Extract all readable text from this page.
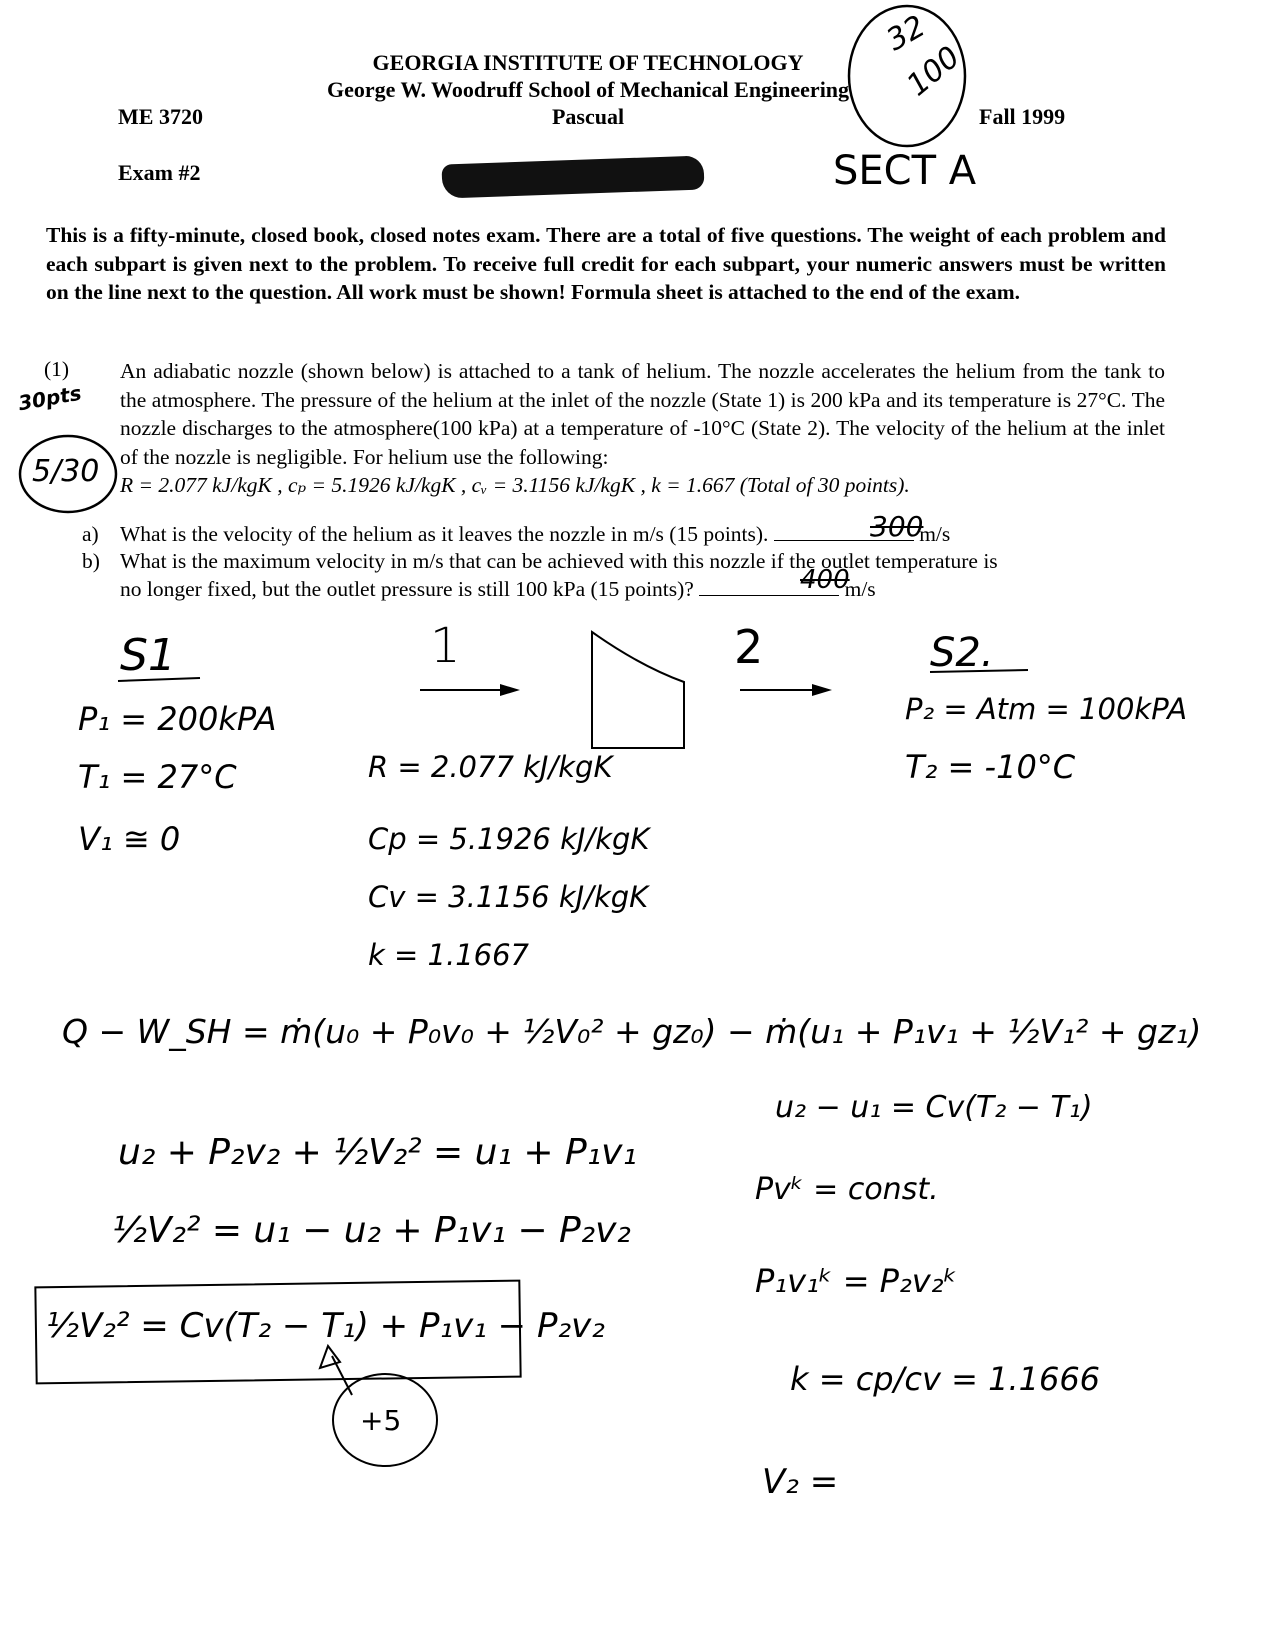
GEORGIA INSTITUTE OF TECHNOLOGY
George W. Woodruff School of Mechanical Engineering
Pascual
ME 3720	Fall 1999
Exam #2
32
100
SECT A
30pts
5/30
This is a fifty-minute, closed book, closed notes exam. There are a total of five questions. The weight of each problem and each subpart is given next to the problem. To receive full credit for each subpart, your numeric answers must be written on the line next to the question. All work must be shown! Formula sheet is attached to the end of the exam.
(1) An adiabatic nozzle (shown below) is attached to a tank of helium. The nozzle accelerates the helium from the tank to the atmosphere. The pressure of the helium at the inlet of the nozzle (State 1) is 200 kPa and its temperature is 27°C. The nozzle discharges to the atmosphere(100 kPa) at a temperature of -10°C (State 2). The velocity of the helium at the inlet of the nozzle is negligible. For helium use the following:
R = 2.077 kJ/kgK , cₚ = 5.1926 kJ/kgK , cᵥ = 3.1156 kJ/kgK , k = 1.667 (Total of 30 points).
a) What is the velocity of the helium as it leaves the nozzle in m/s (15 points).	m/s
300
b) What is the maximum velocity in m/s that can be achieved with this nozzle if the outlet temperature is
no longer fixed, but the outlet pressure is still 100 kPa (15 points)?	m/s
400
1	2
S1
P₁ = 200kPA
T₁ = 27°C
V₁ ≅ 0
R = 2.077 kJ/kgK
Cp = 5.1926 kJ/kgK
Cv = 3.1156 kJ/kgK
k = 1.1667
S2.
P₂ = Atm = 100kPA
T₂ = -10°C
Q − W_SH = ṁ(u₀ + P₀v₀ + ½V₀² + gz₀) − ṁ(u₁ + P₁v₁ + ½V₁² + gz₁)
u₂ + P₂v₂ + ½V₂² = u₁ + P₁v₁
½V₂² = u₁ − u₂ + P₁v₁ − P₂v₂
½V₂² = Cv(T₂ − T₁) + P₁v₁ − P₂v₂
+5
u₂ − u₁ = Cv(T₂ − T₁)
Pvᵏ = const.
P₁v₁ᵏ = P₂v₂ᵏ
k = cp/cv = 1.1666
V₂ =
